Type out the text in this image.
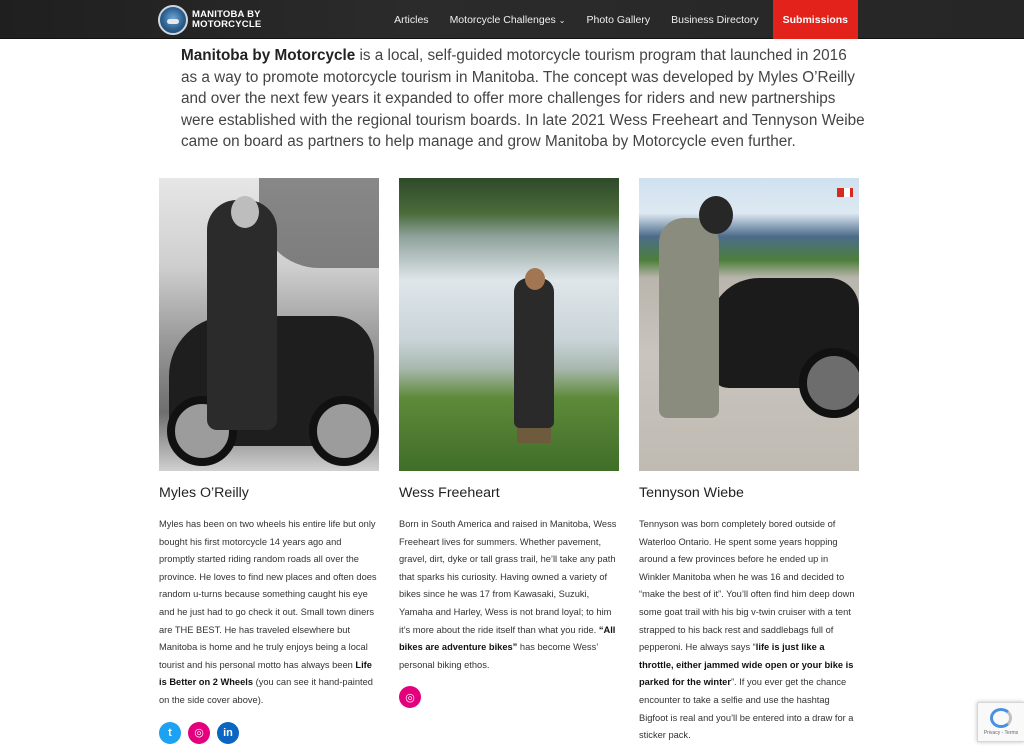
MANITOBA BY
MOTORCYCLE	Articles Motorcycle Challenges ⌄ Photo Gallery Business Directory	Submissions

Manitoba by Motorcycle is a local, self-guided motorcycle tourism program that launched in 2016 as a way to promote motorcycle tourism in Manitoba. The concept was developed by Myles O’Reilly and over the next few years it expanded to offer more challenges for riders and new partnerships were established with the regional tourism boards. In late 2021 Wess Freeheart and Tennyson Weibe came on board as partners to help manage and grow Manitoba by Motorcycle even further.

Myles O’Reilly

Myles has been on two wheels his entire life but only bought his first motorcycle 14 years ago and promptly started riding random roads all over the province. He loves to find new places and often does random u-turns because something caught his eye and he just had to go check it out. Small town diners are THE BEST. He has traveled elsewhere but Manitoba is home and he truly enjoys being a local tourist and his personal motto has always been Life is Better on 2 Wheels (you can see it hand-painted on the side cover above).

t	◎	in
Wess Freeheart

Born in South America and raised in Manitoba, Wess Freeheart lives for summers. Whether pavement, gravel, dirt, dyke or tall grass trail, he’ll take any path that sparks his curiosity. Having owned a variety of bikes since he was 17 from Kawasaki, Suzuki, Yamaha and Harley, Wess is not brand loyal; to him it’s more about the ride itself than what you ride. “All bikes are adventure bikes” has become Wess’ personal biking ethos.

◎
Tennyson Wiebe

Tennyson was born completely bored outside of Waterloo Ontario. He spent some years hopping around a few provinces before he ended up in Winkler Manitoba when he was 16 and decided to “make the best of it”. You’ll often find him deep down some goat trail with his big v-twin cruiser with a tent strapped to his back rest and saddlebags full of pepperoni. He always says “life is just like a throttle, either jammed wide open or your bike is parked for the winter”. If you ever get the chance encounter to take a selfie and use the hashtag Bigfoot is real and you’ll be entered into a draw for a sticker pack.	Privacy - Terms
